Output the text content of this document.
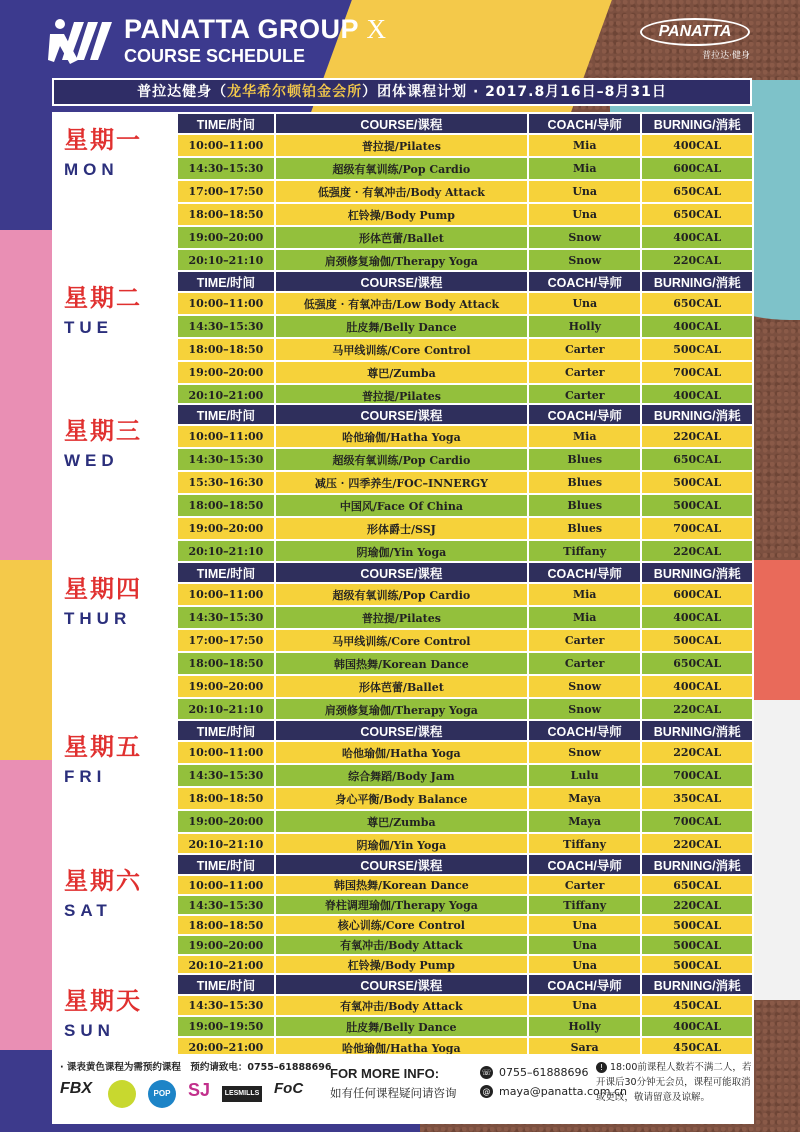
PANATTA GROUP X
COURSE SCHEDULE
PANATTA
普拉达·健身
普拉达健身（龙华希尔顿铂金会所）团体课程计划 · 2017.8月16日–8月31日
星期一
MON
TIME/时间	COURSE/课程	COACH/导师	BURNING/消耗
10:00–11:00	普拉提/Pilates	Mia	400CAL
14:30–15:30	超级有氧训练/Pop Cardio	Mia	600CAL
17:00–17:50	低强度 · 有氧冲击/Body Attack	Una	650CAL
18:00–18:50	杠铃操/Body Pump	Una	650CAL
19:00–20:00	形体芭蕾/Ballet	Snow	400CAL
20:10–21:10	肩颈修复瑜伽/Therapy Yoga	Snow	220CAL
星期二
TUE
TIME/时间	COURSE/课程	COACH/导师	BURNING/消耗
10:00–11:00	低强度 · 有氧冲击/Low Body Attack	Una	650CAL
14:30–15:30	肚皮舞/Belly Dance	Holly	400CAL
18:00–18:50	马甲线训练/Core Control	Carter	500CAL
19:00–20:00	尊巴/Zumba	Carter	700CAL
20:10–21:00	普拉提/Pilates	Carter	400CAL
星期三
WED
TIME/时间	COURSE/课程	COACH/导师	BURNING/消耗
10:00–11:00	哈他瑜伽/Hatha Yoga	Mia	220CAL
14:30–15:30	超级有氧训练/Pop Cardio	Blues	650CAL
15:30–16:30	减压 · 四季养生/FOC–INNERGY	Blues	500CAL
18:00–18:50	中国风/Face Of China	Blues	500CAL
19:00–20:00	形体爵士/SSJ	Blues	700CAL
20:10–21:10	阴瑜伽/Yin Yoga	Tiffany	220CAL
星期四
THUR
TIME/时间	COURSE/课程	COACH/导师	BURNING/消耗
10:00–11:00	超级有氧训练/Pop Cardio	Mia	600CAL
14:30–15:30	普拉提/Pilates	Mia	400CAL
17:00–17:50	马甲线训练/Core Control	Carter	500CAL
18:00–18:50	韩国热舞/Korean Dance	Carter	650CAL
19:00–20:00	形体芭蕾/Ballet	Snow	400CAL
20:10–21:10	肩颈修复瑜伽/Therapy Yoga	Snow	220CAL
星期五
FRI
TIME/时间	COURSE/课程	COACH/导师	BURNING/消耗
10:00–11:00	哈他瑜伽/Hatha Yoga	Snow	220CAL
14:30–15:30	综合舞蹈/Body Jam	Lulu	700CAL
18:00–18:50	身心平衡/Body Balance	Maya	350CAL
19:00–20:00	尊巴/Zumba	Maya	700CAL
20:10–21:10	阴瑜伽/Yin Yoga	Tiffany	220CAL
星期六
SAT
TIME/时间	COURSE/课程	COACH/导师	BURNING/消耗
10:00–11:00	韩国热舞/Korean Dance	Carter	650CAL
14:30–15:30	脊柱调理瑜伽/Therapy Yoga	Tiffany	220CAL
18:00–18:50	核心训练/Core Control	Una	500CAL
19:00–20:00	有氧冲击/Body Attack	Una	500CAL
20:10–21:00	杠铃操/Body Pump	Una	500CAL
星期天
SUN
TIME/时间	COURSE/课程	COACH/导师	BURNING/消耗
14:30–15:30	有氧冲击/Body Attack	Una	450CAL
19:00–19:50	肚皮舞/Belly Dance	Holly	400CAL
20:00–21:00	哈他瑜伽/Hatha Yoga	Sara	450CAL
· 课表黄色课程为需预约课程　预约请致电：0755–61888696
FBX	POP SJ	LESMILLS FoC
FOR MORE INFO:
如有任何课程疑问请咨询
☏ 0755–61888696
@ maya@panatta.com.cn
! 18:00前课程人数若不满二人，若开课后30分钟无会员，课程可能取消或更改，敬请留意及谅解。
